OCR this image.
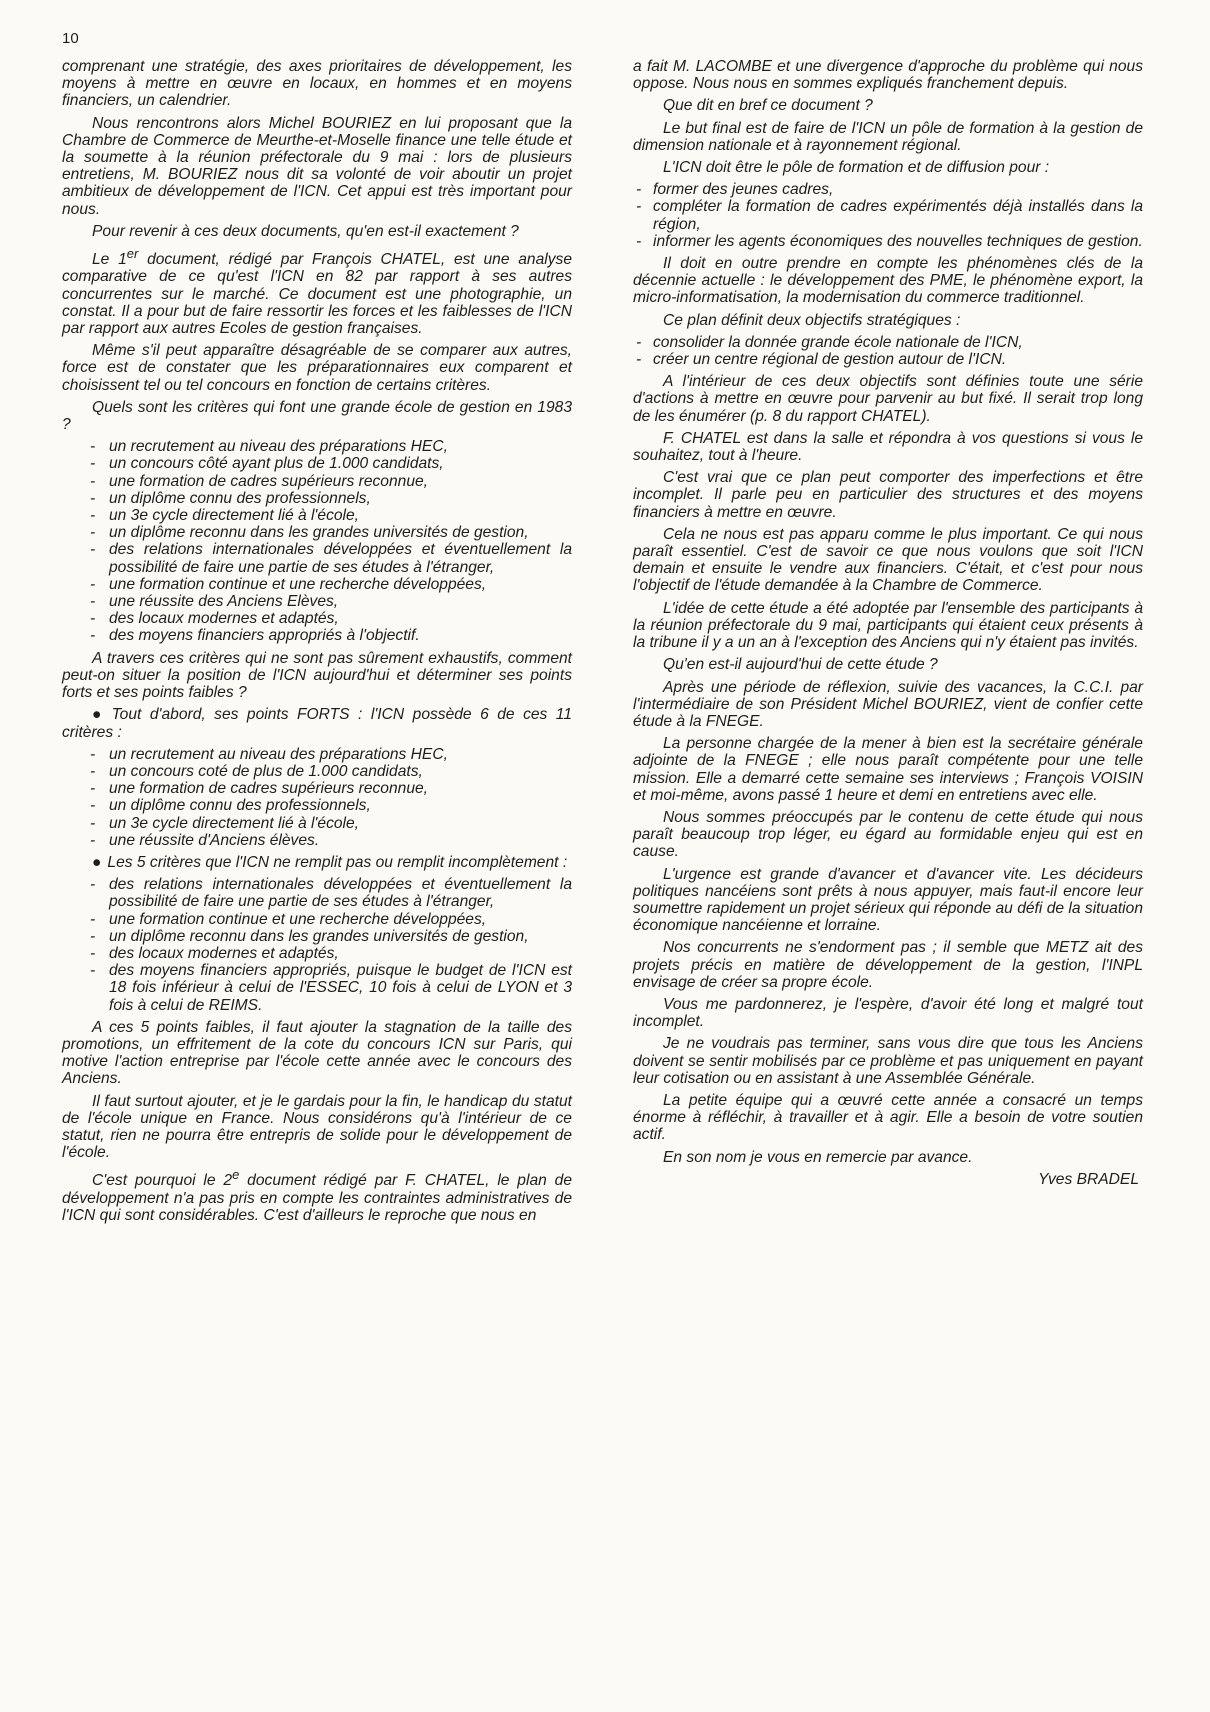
10

comprenant une stratégie, des axes prioritaires de développement, les moyens à mettre en œuvre en locaux, en hommes et en moyens financiers, un calendrier.

Nous rencontrons alors Michel BOURIEZ en lui proposant que la Chambre de Commerce de Meurthe-et-Moselle finance une telle étude et la soumette à la réunion préfectorale du 9 mai : lors de plusieurs entretiens, M. BOURIEZ nous dit sa volonté de voir aboutir un projet ambitieux de développement de l'ICN. Cet appui est très important pour nous.

Pour revenir à ces deux documents, qu'en est-il exactement ?

Le 1er document, rédigé par François CHATEL, est une analyse comparative de ce qu'est l'ICN en 82 par rapport à ses autres concurrentes sur le marché. Ce document est une photographie, un constat. Il a pour but de faire ressortir les forces et les faiblesses de l'ICN par rapport aux autres Ecoles de gestion françaises.

Même s'il peut apparaître désagréable de se comparer aux autres, force est de constater que les préparationnaires eux comparent et choisissent tel ou tel concours en fonction de certains critères.

Quels sont les critères qui font une grande école de gestion en 1983 ?

- un recrutement au niveau des préparations HEC,
- un concours côté ayant plus de 1.000 candidats,
- une formation de cadres supérieurs reconnue,
- un diplôme connu des professionnels,
- un 3e cycle directement lié à l'école,
- un diplôme reconnu dans les grandes universités de gestion,
- des relations internationales développées et éventuellement la possibilité de faire une partie de ses études à l'étranger,
- une formation continue et une recherche développées,
- une réussite des Anciens Elèves,
- des locaux modernes et adaptés,
- des moyens financiers appropriés à l'objectif.

A travers ces critères qui ne sont pas sûrement exhaustifs, comment peut-on situer la position de l'ICN aujourd'hui et déterminer ses points forts et ses points faibles ?

● Tout d'abord, ses points FORTS : l'ICN possède 6 de ces 11 critères :

- un recrutement au niveau des préparations HEC,
- un concours coté de plus de 1.000 candidats,
- une formation de cadres supérieurs reconnue,
- un diplôme connu des professionnels,
- un 3e cycle directement lié à l'école,
- une réussite d'Anciens élèves.

● Les 5 critères que l'ICN ne remplit pas ou remplit incomplètement :

- des relations internationales développées et éventuellement la possibilité de faire une partie de ses études à l'étranger,
- une formation continue et une recherche développées,
- un diplôme reconnu dans les grandes universités de gestion,
- des locaux modernes et adaptés,
- des moyens financiers appropriés, puisque le budget de l'ICN est 18 fois inférieur à celui de l'ESSEC, 10 fois à celui de LYON et 3 fois à celui de REIMS.

A ces 5 points faibles, il faut ajouter la stagnation de la taille des promotions, un effritement de la cote du concours ICN sur Paris, qui motive l'action entreprise par l'école cette année avec le concours des Anciens.

Il faut surtout ajouter, et je le gardais pour la fin, le handicap du statut de l'école unique en France. Nous considérons qu'à l'intérieur de ce statut, rien ne pourra être entrepris de solide pour le développement de l'école.

C'est pourquoi le 2e document rédigé par F. CHATEL, le plan de développement n'a pas pris en compte les contraintes administratives de l'ICN qui sont considérables. C'est d'ailleurs le reproche que nous en

a fait M. LACOMBE et une divergence d'approche du problème qui nous oppose. Nous nous en sommes expliqués franchement depuis.

Que dit en bref ce document ?

Le but final est de faire de l'ICN un pôle de formation à la gestion de dimension nationale et à rayonnement régional.

L'ICN doit être le pôle de formation et de diffusion pour :

- former des jeunes cadres,
- compléter la formation de cadres expérimentés déjà installés dans la région,
- informer les agents économiques des nouvelles techniques de gestion.

Il doit en outre prendre en compte les phénomènes clés de la décennie actuelle : le développement des PME, le phénomène export, la micro-informatisation, la modernisation du commerce traditionnel.

Ce plan définit deux objectifs stratégiques :

- consolider la donnée grande école nationale de l'ICN,
- créer un centre régional de gestion autour de l'ICN.

A l'intérieur de ces deux objectifs sont définies toute une série d'actions à mettre en œuvre pour parvenir au but fixé. Il serait trop long de les énumérer (p. 8 du rapport CHATEL).

F. CHATEL est dans la salle et répondra à vos questions si vous le souhaitez, tout à l'heure.

C'est vrai que ce plan peut comporter des imperfections et être incomplet. Il parle peu en particulier des structures et des moyens financiers à mettre en œuvre.

Cela ne nous est pas apparu comme le plus important. Ce qui nous paraît essentiel. C'est de savoir ce que nous voulons que soit l'ICN demain et ensuite le vendre aux financiers. C'était, et c'est pour nous l'objectif de l'étude demandée à la Chambre de Commerce.

L'idée de cette étude a été adoptée par l'ensemble des participants à la réunion préfectorale du 9 mai, participants qui étaient ceux présents à la tribune il y a un an à l'exception des Anciens qui n'y étaient pas invités.

Qu'en est-il aujourd'hui de cette étude ?

Après une période de réflexion, suivie des vacances, la C.C.I. par l'intermédiaire de son Président Michel BOURIEZ, vient de confier cette étude à la FNEGE.

La personne chargée de la mener à bien est la secrétaire générale adjointe de la FNEGE ; elle nous paraît compétente pour une telle mission. Elle a demarré cette semaine ses interviews ; François VOISIN et moi-même, avons passé 1 heure et demi en entretiens avec elle.

Nous sommes préoccupés par le contenu de cette étude qui nous paraît beaucoup trop léger, eu égard au formidable enjeu qui est en cause.

L'urgence est grande d'avancer et d'avancer vite. Les décideurs politiques nancéiens sont prêts à nous appuyer, mais faut-il encore leur soumettre rapidement un projet sérieux qui réponde au défi de la situation économique nancéienne et lorraine.

Nos concurrents ne s'endorment pas ; il semble que METZ ait des projets précis en matière de développement de la gestion, l'INPL envisage de créer sa propre école.

Vous me pardonnerez, je l'espère, d'avoir été long et malgré tout incomplet.

Je ne voudrais pas terminer, sans vous dire que tous les Anciens doivent se sentir mobilisés par ce problème et pas uniquement en payant leur cotisation ou en assistant à une Assemblée Générale.

La petite équipe qui a œuvré cette année a consacré un temps énorme à réfléchir, à travailler et à agir. Elle a besoin de votre soutien actif.

En son nom je vous en remercie par avance.

Yves BRADEL
